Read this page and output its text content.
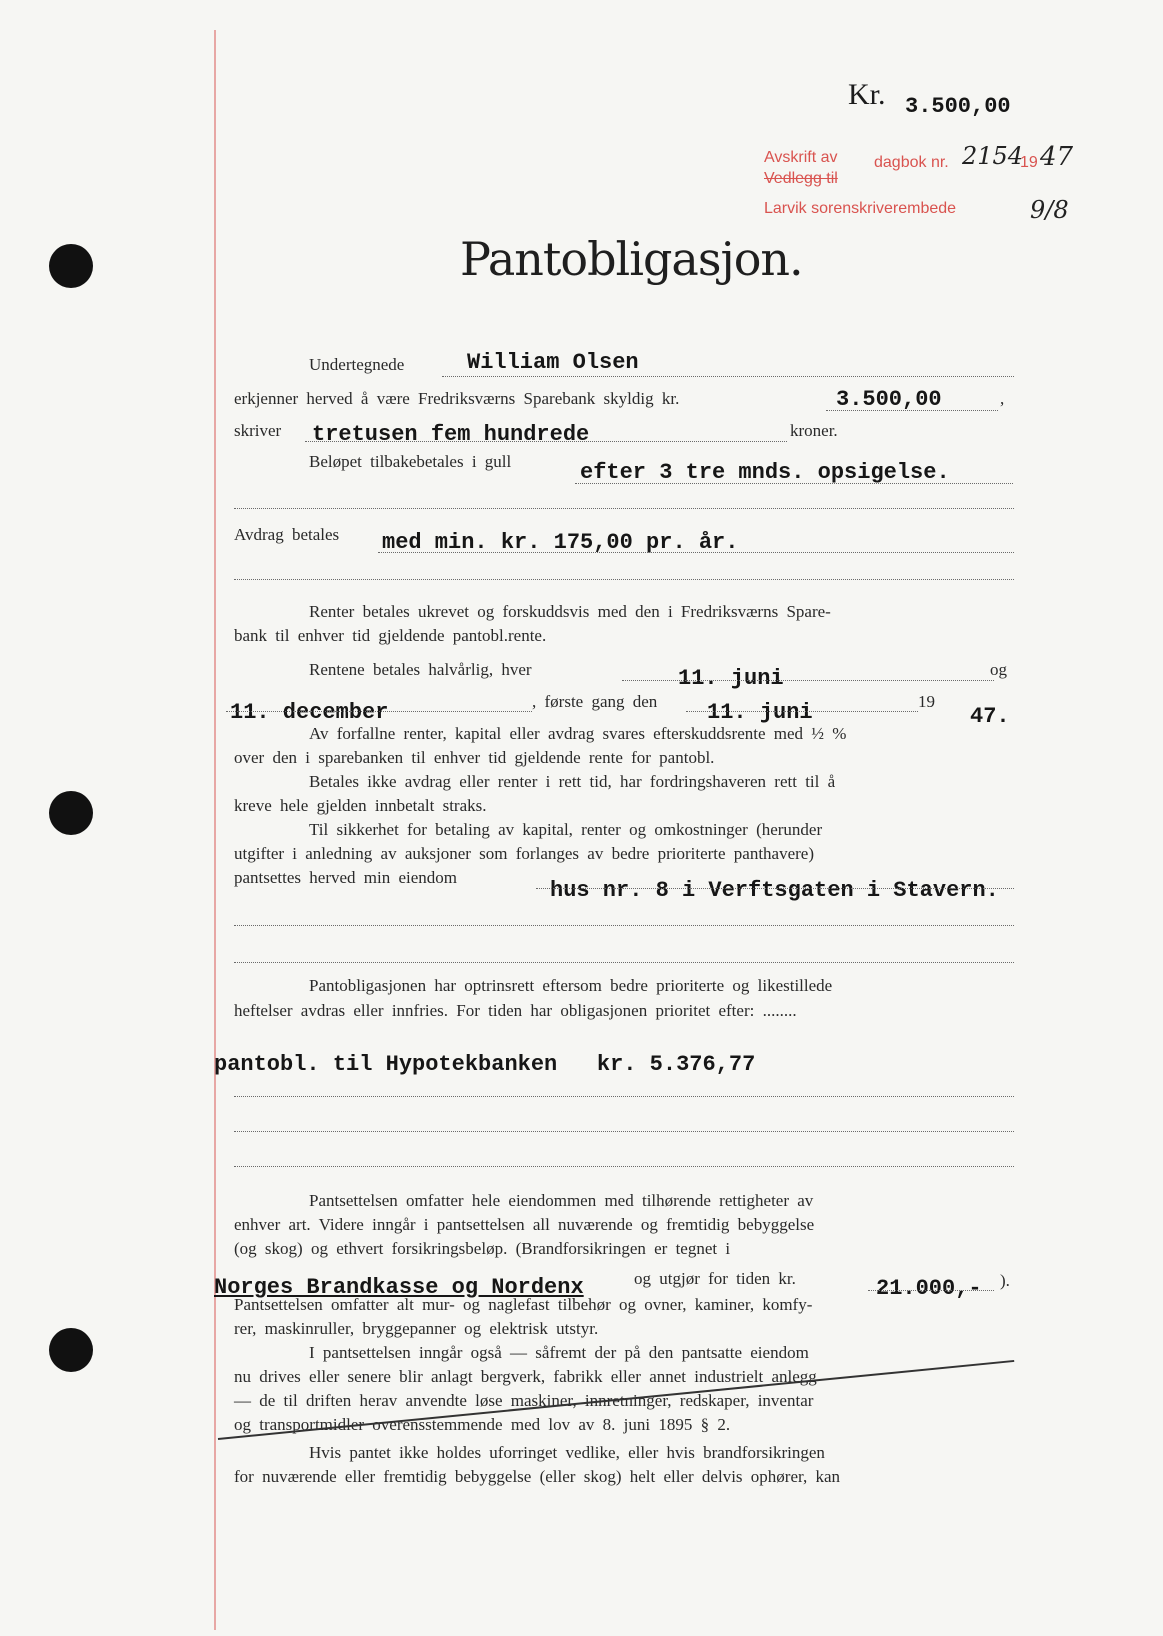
Kr. 3.500,00
Avskrift av
Vedlegg til
dagbok nr. 2154
19 47
Larvik sorenskriverembede	9/8
Pantobligasjon.
Undertegnede	William Olsen
erkjenner herved å være Fredriksværns Sparebank skyldig kr.	3.500,00	,
skriver tretusen fem hundrede	kroner.
Beløpet tilbakebetales i gull	efter 3 tre mnds. opsigelse.
Avdrag betales med min. kr. 175,00 pr. år.
Renter betales ukrevet og forskuddsvis med den i Fredriksværns Spare-
bank til enhver tid gjeldende pantobl.rente.
Rentene betales halvårlig, hver	11. juni	og
11. december	, første gang den 11. juni	19
47.
Av forfallne renter, kapital eller avdrag svares efterskuddsrente med ½ %
over den i sparebanken til enhver tid gjeldende rente for pantobl.
Betales ikke avdrag eller renter i rett tid, har fordringshaveren rett til å
kreve hele gjelden innbetalt straks.
Til sikkerhet for betaling av kapital, renter og omkostninger (herunder
utgifter i anledning av auksjoner som forlanges av bedre prioriterte panthavere)
pantsettes herved min eiendom
hus nr. 8 i Verftsgaten i Stavern.
Pantobligasjonen har optrinsrett eftersom bedre prioriterte og likestillede
heftelser avdras eller innfries. For tiden har obligasjonen prioritet efter: ........
pantobl. til Hypotekbanken   kr. 5.376,77
Pantsettelsen omfatter hele eiendommen med tilhørende rettigheter av
enhver art. Videre inngår i pantsettelsen all nuværende og fremtidig bebyggelse
(og skog) og ethvert forsikringsbeløp. (Brandforsikringen er tegnet i
Norges Brandkasse og Nordenx	og utgjør for tiden kr.	21.000,- ).
Pantsettelsen omfatter alt mur- og naglefast tilbehør og ovner, kaminer, komfy-
rer, maskinruller, bryggepanner og elektrisk utstyr.
I pantsettelsen inngår også — såfremt der på den pantsatte eiendom
nu drives eller senere blir anlagt bergverk, fabrikk eller annet industrielt anlegg
— de til driften herav anvendte løse maskiner, innretninger, redskaper, inventar
og transportmidler overensstemmende med lov av 8. juni 1895 § 2.
Hvis pantet ikke holdes uforringet vedlike, eller hvis brandforsikringen
for nuværende eller fremtidig bebyggelse (eller skog) helt eller delvis ophører, kan
